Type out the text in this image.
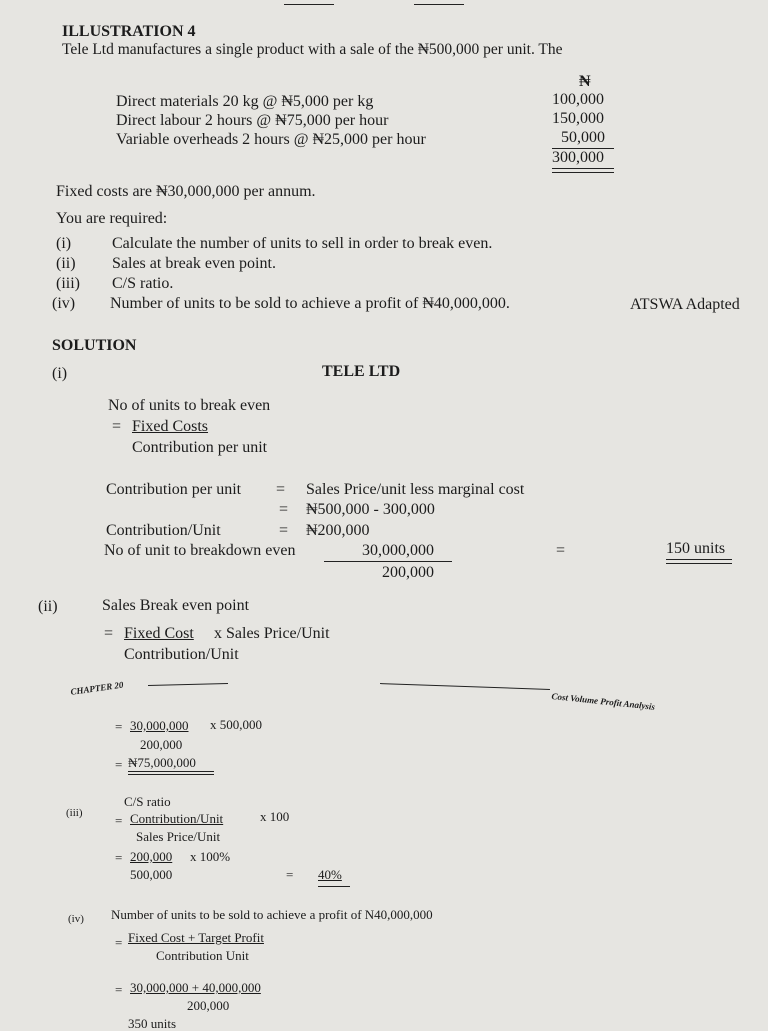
ILLUSTRATION 4
Tele Ltd manufactures a single product with a sale of the ₦500,000 per unit. The
₦
Direct materials 20 kg @ ₦5,000 per kg	100,000
Direct labour 2 hours @ ₦75,000 per hour	150,000
Variable overheads 2 hours @ ₦25,000 per hour	50,000
300,000
Fixed costs are ₦30,000,000 per annum.
You are required:
(i)	Calculate the number of units to sell in order to break even.
(ii) Sales at break even point.
(iii) C/S ratio.
(iv) Number of units to be sold to achieve a profit of ₦40,000,000.	ATSWA Adapted
SOLUTION
(i)	TELE LTD
No of units to break even
= Fixed Costs
Contribution per unit
Contribution per unit = Sales Price/unit less marginal cost
= ₦500,000 - 300,000
Contribution/Unit	= ₦200,000
No of unit to breakdown even	30,000,000
200,000
=	150 units
(ii)	Sales Break even point
= Fixed Cost x Sales Price/Unit
Contribution/Unit
CHAPTER 20
Cost Volume Profit Analysis
= 30,000,000 x 500,000
200,000
= ₦75,000,000
(iii)
C/S ratio
= Contribution/Unit	x 100
Sales Price/Unit
= 200,000 x 100%
500,000	= 40%
(iv) Number of units to be sold to achieve a profit of N40,000,000
= Fixed Cost + Target Profit
Contribution Unit
= 30,000,000 + 40,000,000
200,000
350 units
